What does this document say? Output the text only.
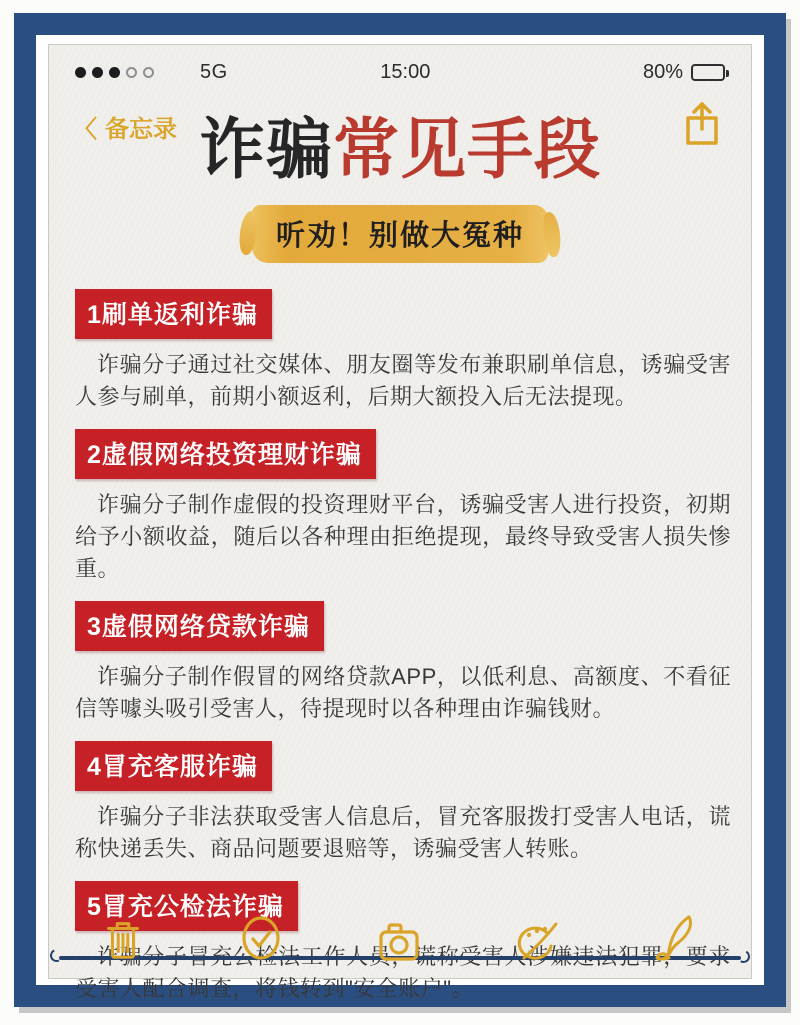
5G	15:00	80%
〈 备忘录 诈骗常见手段
听劝！别做大冤种
1刷单返利诈骗

诈骗分子通过社交媒体、朋友圈等发布兼职刷单信息，诱骗受害人参与刷单，前期小额返利，后期大额投入后无法提现。

2虚假网络投资理财诈骗

诈骗分子制作虚假的投资理财平台，诱骗受害人进行投资，初期给予小额收益，随后以各种理由拒绝提现，最终导致受害人损失惨重。

3虚假网络贷款诈骗

诈骗分子制作假冒的网络贷款APP，以低利息、高额度、不看征信等噱头吸引受害人，待提现时以各种理由诈骗钱财。

4冒充客服诈骗

诈骗分子非法获取受害人信息后，冒充客服拨打受害人电话，谎称快递丢失、商品问题要退赔等，诱骗受害人转账。

5冒充公检法诈骗

受害人配合调查，将钱转到"安全账户"。
